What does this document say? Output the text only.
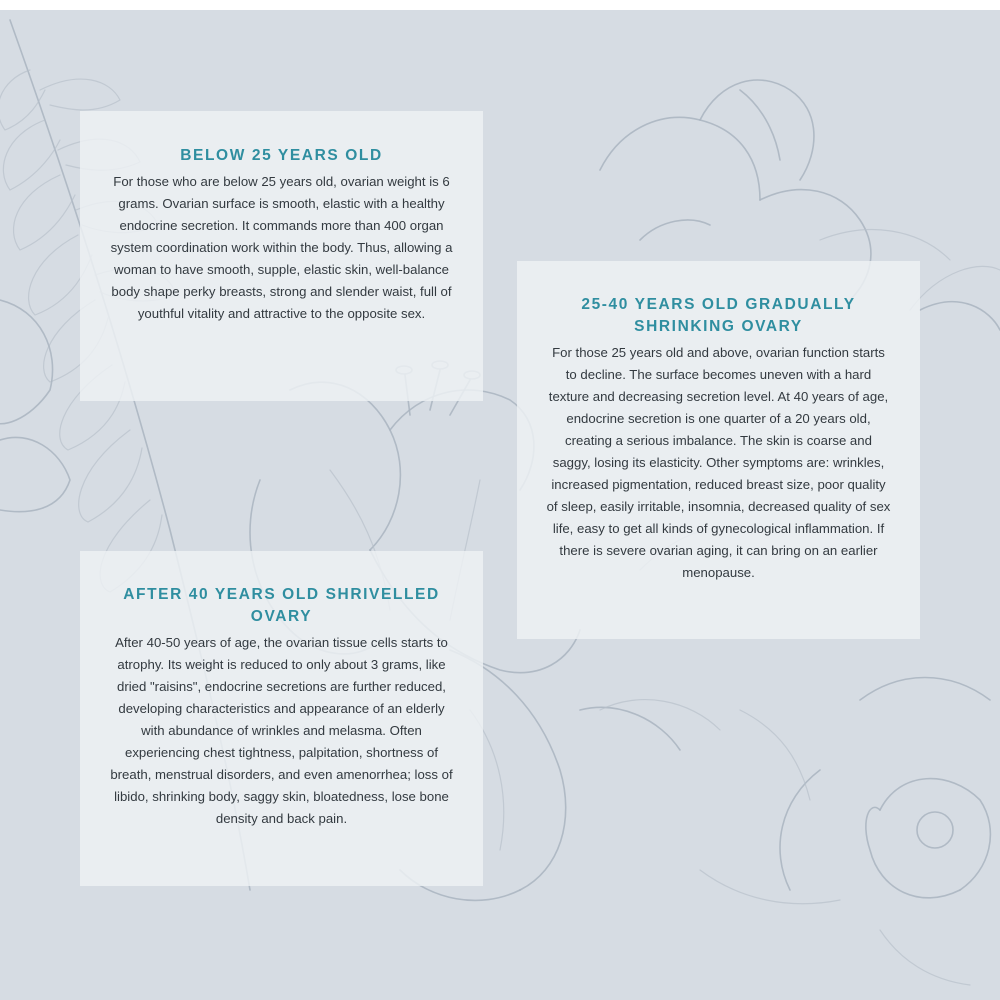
BELOW 25 YEARS OLD

For those who are below 25 years old, ovarian weight is 6 grams. Ovarian surface is smooth, elastic with a healthy endocrine secretion. It commands more than 400 organ system coordination work within the body. Thus, allowing a woman to have smooth, supple, elastic skin, well-balance body shape perky breasts, strong and slender waist, full of youthful vitality and attractive to the opposite sex.

25-40 YEARS OLD GRADUALLY SHRINKING OVARY

For those 25 years old and above, ovarian function starts to decline. The surface becomes uneven with a hard texture and decreasing secretion level. At 40 years of age, endocrine secretion is one quarter of a 20 years old, creating a serious imbalance. The skin is coarse and saggy, losing its elasticity. Other symptoms are: wrinkles, increased pigmentation, reduced breast size, poor quality of sleep, easily irritable, insomnia, decreased quality of sex life, easy to get all kinds of gynecological inflammation. If there is severe ovarian aging, it can bring on an earlier menopause.

AFTER 40 YEARS OLD SHRIVELLED OVARY

After 40-50 years of age, the ovarian tissue cells starts to atrophy. Its weight is reduced to only about 3 grams, like dried "raisins", endocrine secretions are further reduced, developing characteristics and appearance of an elderly with abundance of wrinkles and melasma. Often experiencing chest tightness, palpitation, shortness of breath, menstrual disorders, and even amenorrhea; loss of libido, shrinking body, saggy skin, bloatedness, lose bone density and back pain.
